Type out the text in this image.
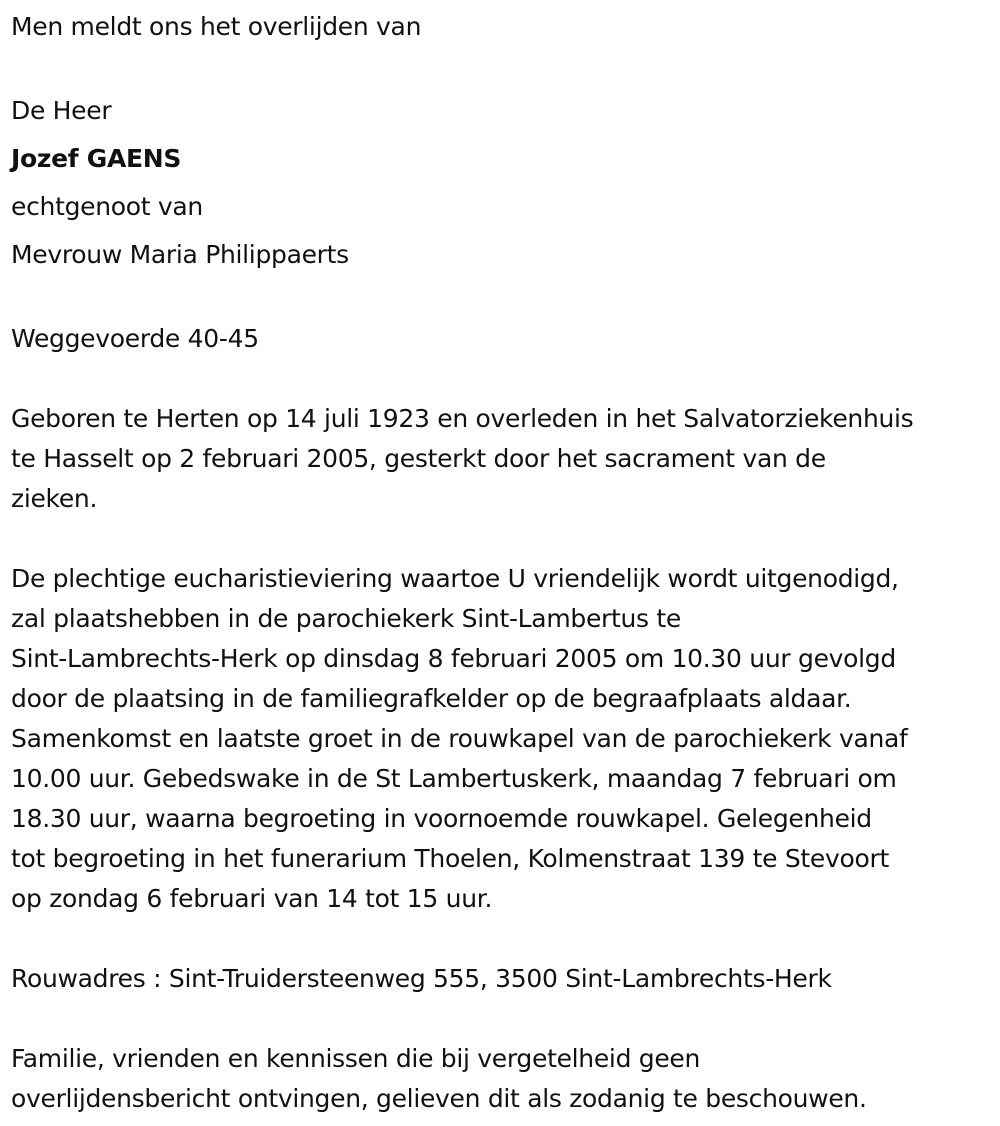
Men meldt ons het overlijden van

De Heer

Jozef GAENS

echtgenoot van

Mevrouw Maria Philippaerts

Weggevoerde 40-45

Geboren te Herten op 14 juli 1923 en overleden in het Salvatorziekenhuis

te Hasselt op 2 februari 2005, gesterkt door het sacrament van de

zieken.

De plechtige eucharistieviering waartoe U vriendelijk wordt uitgenodigd,

zal plaatshebben in de parochiekerk Sint-Lambertus te

Sint-Lambrechts-Herk op dinsdag 8 februari 2005 om 10.30 uur gevolgd

door de plaatsing in de familiegrafkelder op de begraafplaats aldaar.

Samenkomst en laatste groet in de rouwkapel van de parochiekerk vanaf

10.00 uur. Gebedswake in de St Lambertuskerk, maandag 7 februari om

18.30 uur, waarna begroeting in voornoemde rouwkapel. Gelegenheid

tot begroeting in het funerarium Thoelen, Kolmenstraat 139 te Stevoort

op zondag 6 februari van 14 tot 15 uur.

Rouwadres : Sint-Truidersteenweg 555, 3500 Sint-Lambrechts-Herk

Familie, vrienden en kennissen die bij vergetelheid geen

overlijdensbericht ontvingen, gelieven dit als zodanig te beschouwen.
